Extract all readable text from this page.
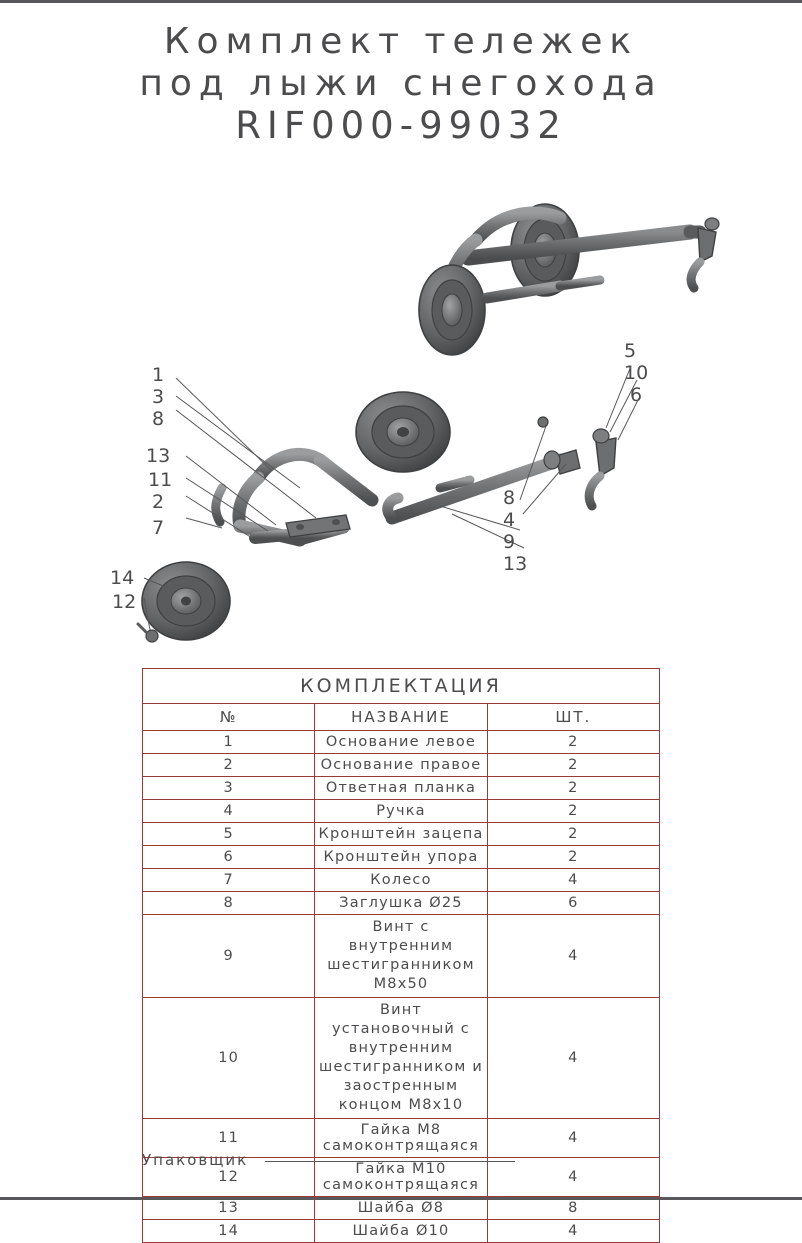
Комплект тележек
под лыжи снегохода
RIF000-99032
1
3
8
13
11
2
7
14
12
5
10
6
8
4
9
13
КОМПЛЕКТАЦИЯ		
№	НАЗВАНИЕ	ШТ.
1	Основание левое	2
2	Основание правое	2
3	Ответная планка	2
4	Ручка	2
5	Кронштейн зацепа	2
6	Кронштейн упора	2
7	Колесо	4
8	Заглушка Ø25	6
9	Винт с внутренним шестигранником М8х50	4
10	Винт установочный с внутренним шестигранником и заостренным концом М8х10	4
11	Гайка М8 самоконтрящаяся	4
12	Гайка М10 самоконтрящаяся	4
13	Шайба Ø8	8
14	Шайба Ø10	4
Упаковщик
